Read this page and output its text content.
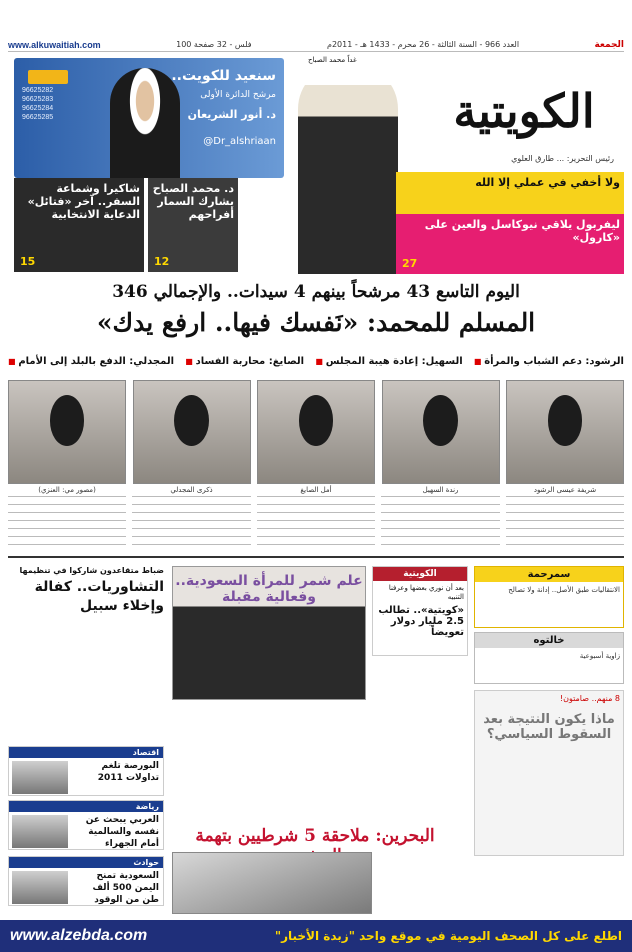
www.alkuwaitiah.com	100 فلس - 32 صفحة	العدد 966 - السنة الثالثة - 26 محرم - 1433 هـ - 2011م	الجمعة
الكويتية
رئيس التحرير: ... طارق العلوي
سنعيد للكويت..
مرشح الدائرة الأولى
د. أنور الشريعان
@Dr_alshriaan
96625282
96625283
96625284
96625285
غداً محمد الصباح
ولا أخفي في عملي إلا الله
ليفربول يلاقي نيوكاسل والعين على «كارول»
27
شاكيرا وشماعة السفر.. آخر «فتائل» الدعاية الانتخابية
15
د. محمد الصباح يشارك السمار أفراحهم
12
اليوم التاسع 43 مرشحاً بينهم 4 سيدات.. والإجمالي 346
المسلم للمحمد: «نَفسك فيها.. ارفع يدك»
■ الرشود: دعم الشباب والمرأة
■ السهيل: إعادة هيبة المجلس
■ الصايغ: محاربة الفساد
■ المجدلي: الدفع بالبلد إلى الأمام
شريفة عيسى الرشود
رندة السهيل
أمل الصايغ
ذكرى المجدلي
(مصور مي: العنزي)
سمرحمة
الانتقاليات طبق الأصل.. إدانة ولا تصالح
خالتوه
زاوية أسبوعية
8 منهم.. صامتون!
ماذا يكون النتيجة بعد السقوط السياسي؟
الكويتية
بعد أن نوري بعضها وعرفنا التنبيه
«كويتية».. تطالب 2.5 مليار دولار تعويضاً
علم شمر للمرأة السعودية.. وفعالية مقبلة
البحرين: ملاحقة 5 شرطيين بتهمة
ضباط متقاعدون شاركوا في تنظيمها
التشاوريات.. كفالة وإخلاء سبيل
اقتصاد
البورصة تلغم تداولات 2011
رياضة
العربي يبحث عن نفسه والسالمية أمام الجهراء
حوادث
السعودية تمنح اليمن 500 ألف طن من الوقود
www.alzebda.com	اطلع على كل الصحف اليومية في موقع واحد "زبدة الأخبار"
